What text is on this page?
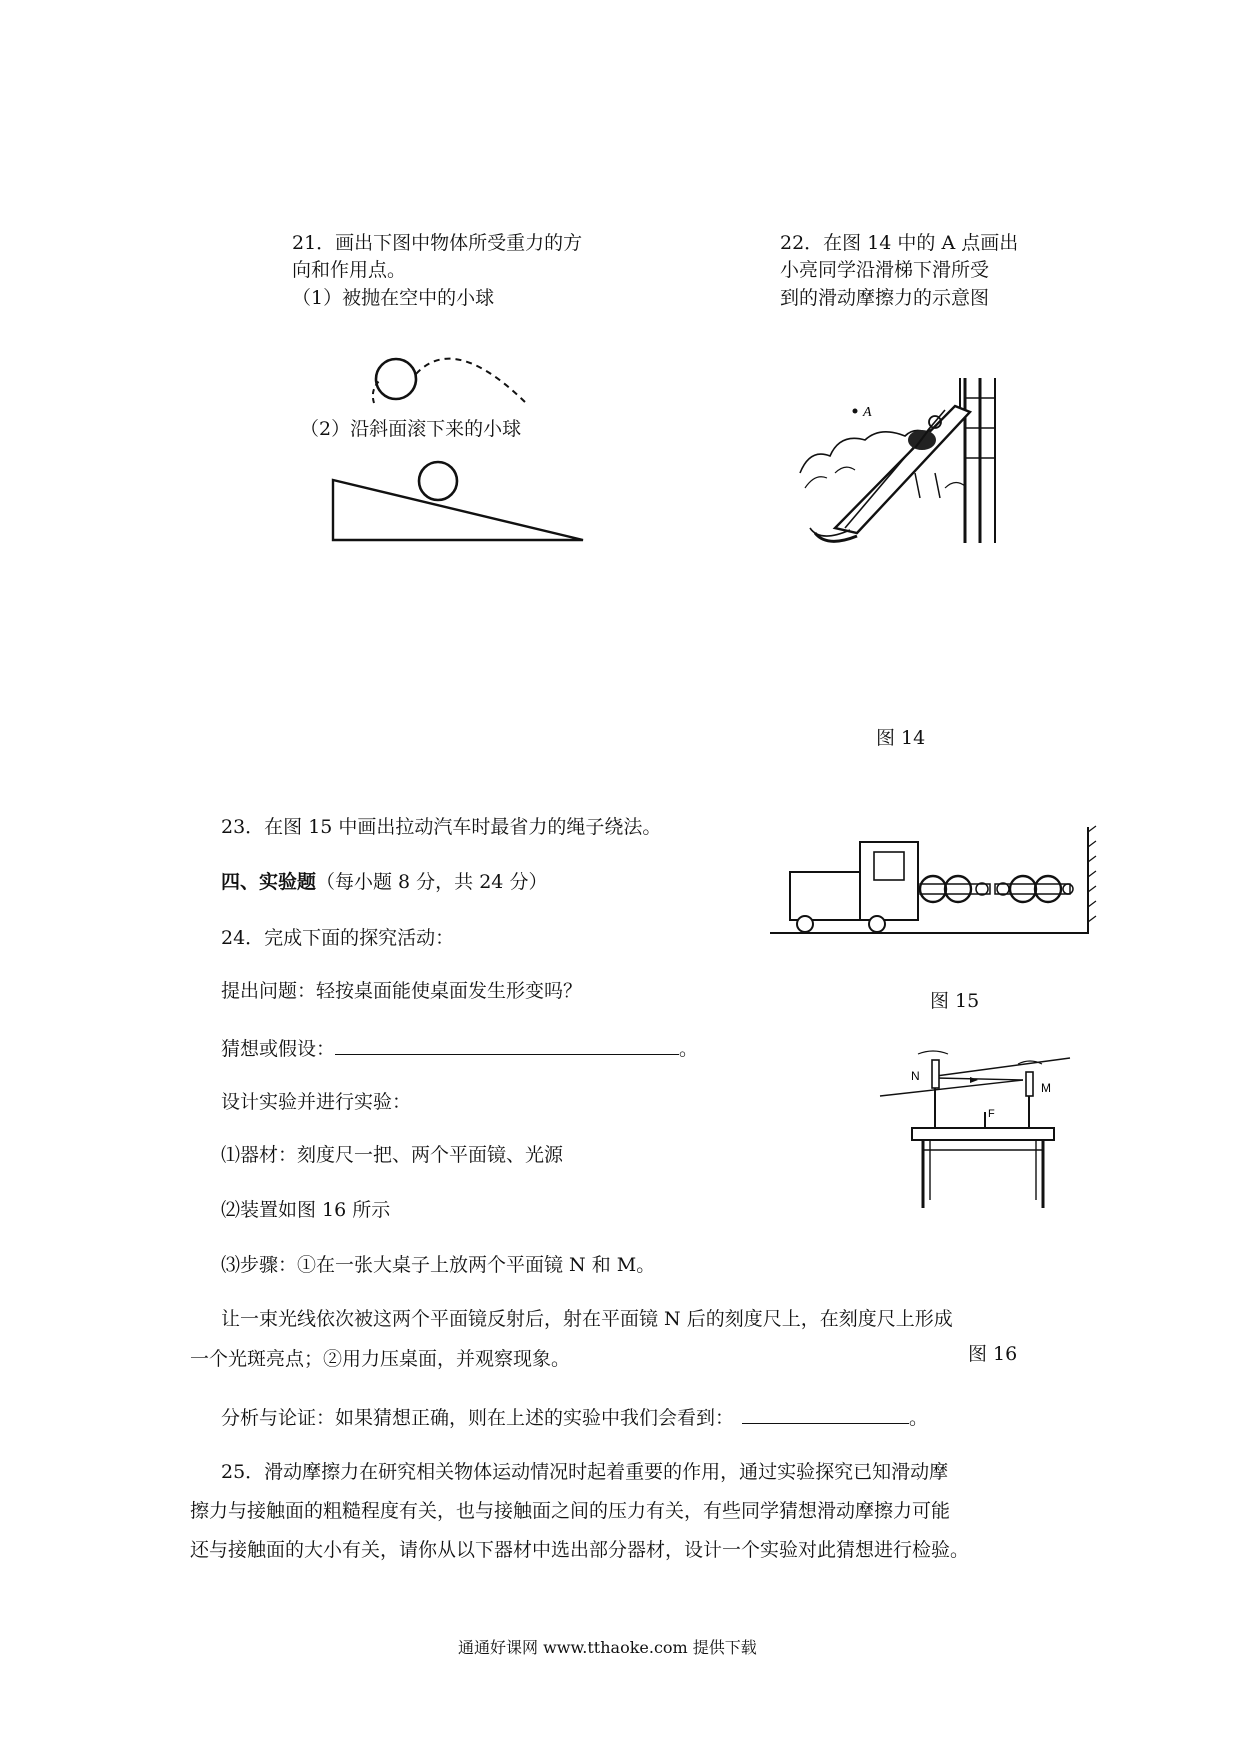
21．画出下图中物体所受重力的方
向和作用点。
（1）被抛在空中的小球
（2）沿斜面滚下来的小球
22．在图 14 中的 A 点画出
小亮同学沿滑梯下滑所受
到的滑动摩擦力的示意图
A
图 14
23．在图 15 中画出拉动汽车时最省力的绳子绕法。
图 15
四、实验题（每小题 8 分，共 24 分）
24．完成下面的探究活动：
提出问题：轻按桌面能使桌面发生形变吗？
猜想或假设：	。
设计实验并进行实验：
⑴器材：刻度尺一把、两个平面镜、光源
⑵装置如图 16 所示
⑶步骤：①在一张大桌子上放两个平面镜 N 和 M。
让一束光线依次被这两个平面镜反射后，射在平面镜 N 后的刻度尺上，在刻度尺上形成
一个光斑亮点；②用力压桌面，并观察现象。
分析与论证：如果猜想正确，则在上述的实验中我们会看到：	。
N
M
F
图 16
25．滑动摩擦力在研究相关物体运动情况时起着重要的作用，通过实验探究已知滑动摩
擦力与接触面的粗糙程度有关，也与接触面之间的压力有关，有些同学猜想滑动摩擦力可能
还与接触面的大小有关，请你从以下器材中选出部分器材，设计一个实验对此猜想进行检验。
通通好课网 www.tthaoke.com 提供下载
